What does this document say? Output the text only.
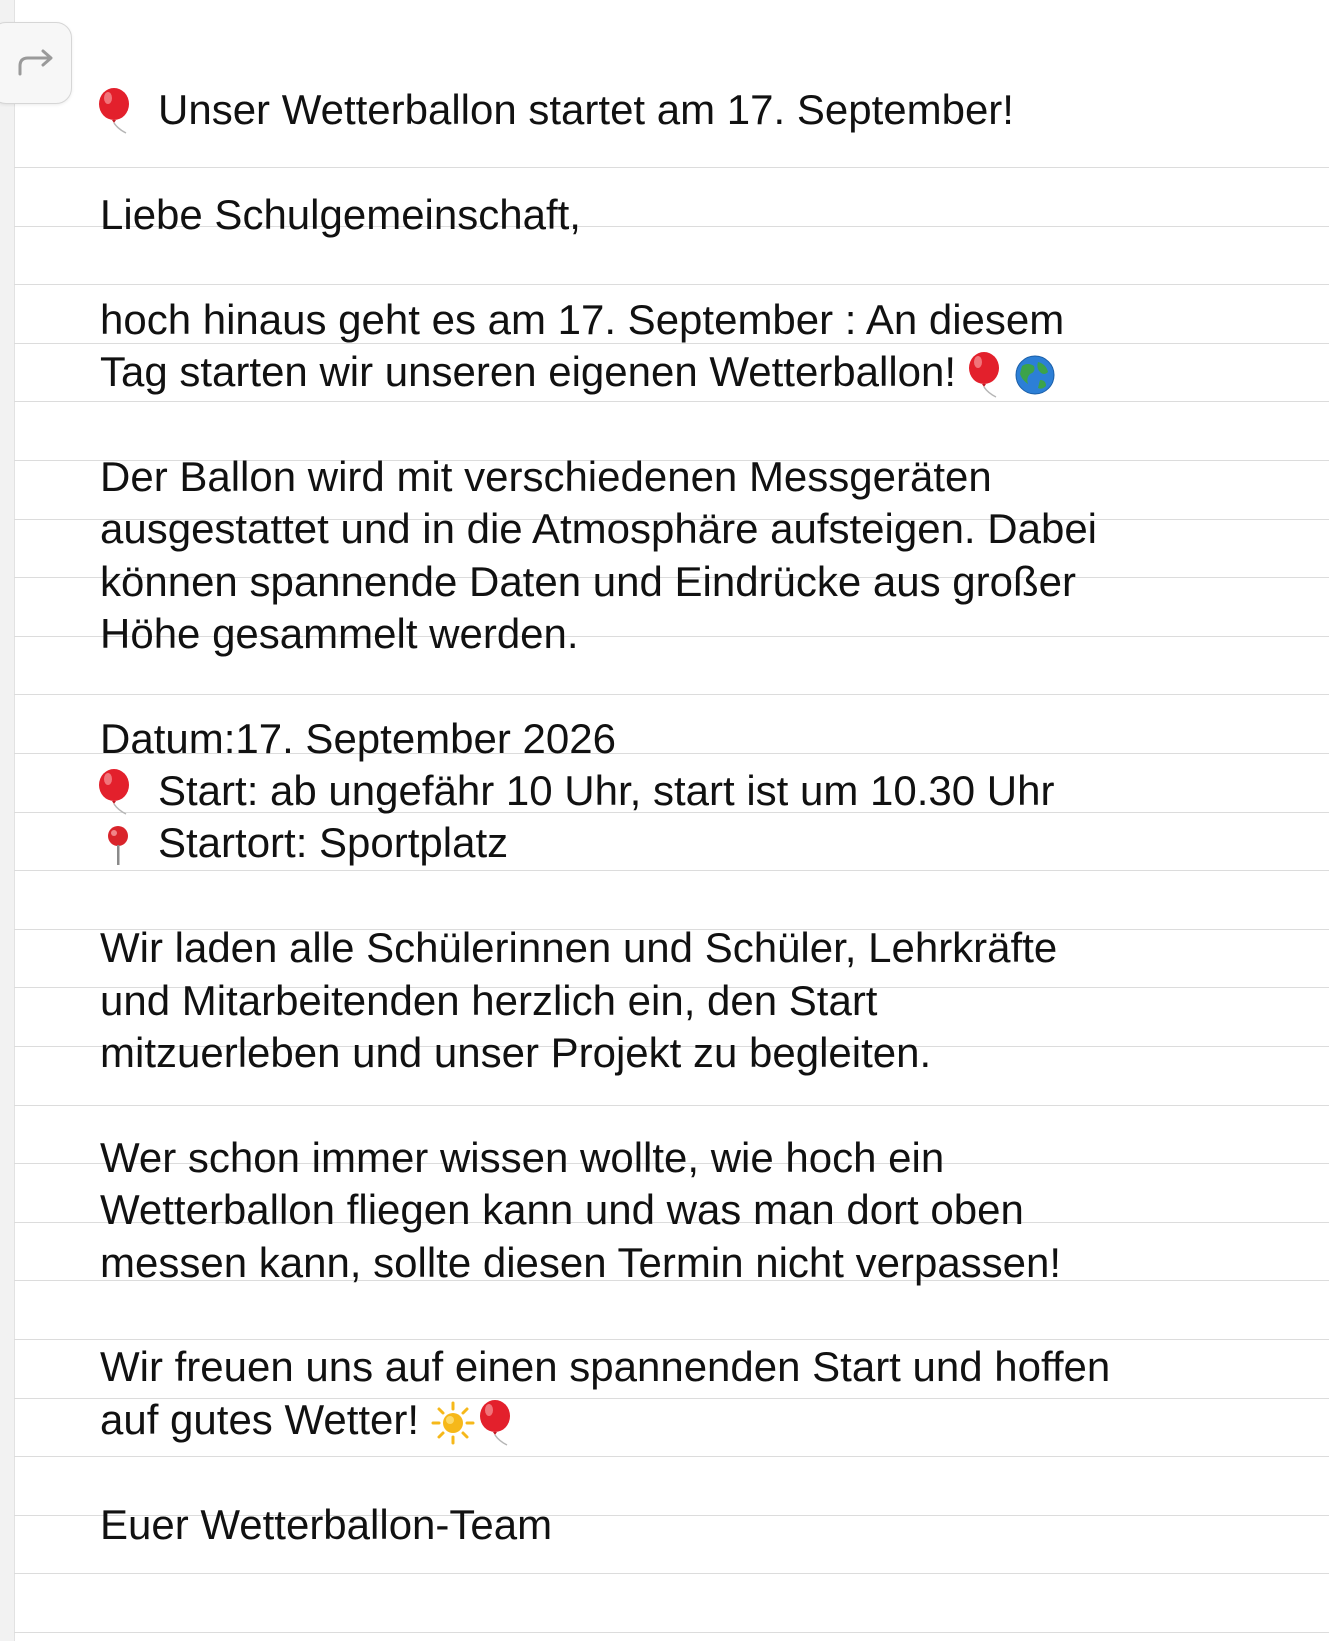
Unser Wetterballon startet am 17. September!
Liebe Schulgemeinschaft,
hoch hinaus geht es am 17. September : An diesem
Tag starten wir unseren eigenen Wetterballon!
Der Ballon wird mit verschiedenen Messgeräten
ausgestattet und in die Atmosphäre aufsteigen. Dabei
können spannende Daten und Eindrücke aus großer
Höhe gesammelt werden.
Datum:17. September 2026
Start: ab ungefähr 10 Uhr, start ist um 10.30 Uhr
Startort: Sportplatz
Wir laden alle Schülerinnen und Schüler, Lehrkräfte
und Mitarbeitenden herzlich ein, den Start
mitzuerleben und unser Projekt zu begleiten.
Wer schon immer wissen wollte, wie hoch ein
Wetterballon fliegen kann und was man dort oben
messen kann, sollte diesen Termin nicht verpassen!
Wir freuen uns auf einen spannenden Start und hoffen
auf gutes Wetter!
Euer Wetterballon-Team
